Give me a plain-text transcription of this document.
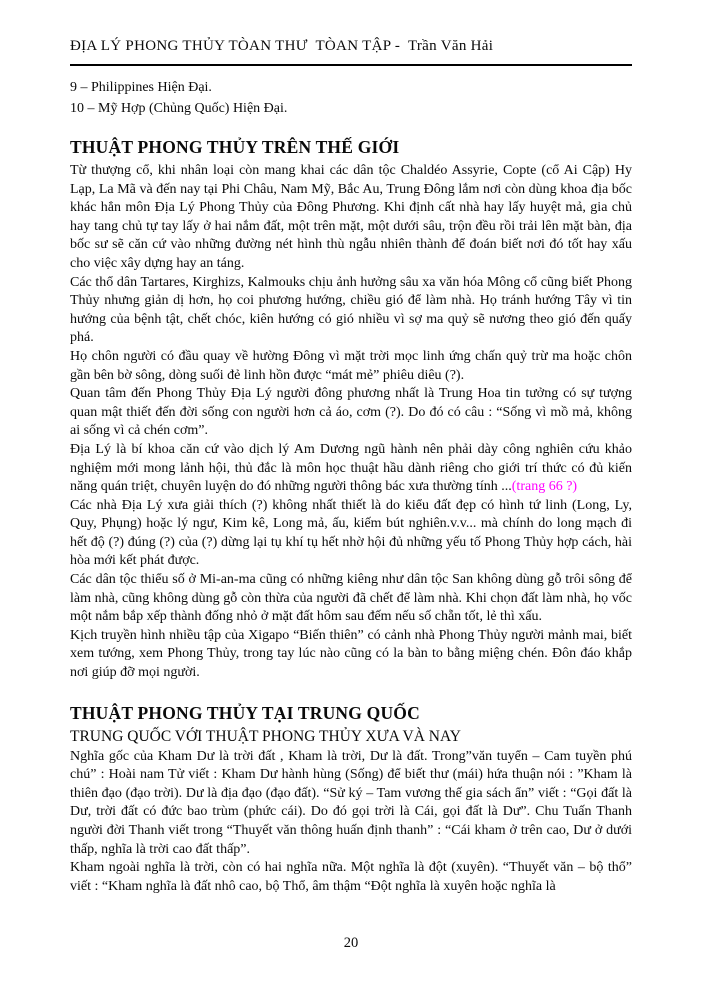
ĐỊA LÝ PHONG THỦY TÒAN THƯ  TÒAN TẬP -  Trần Văn Hải
9 – Philippines Hiện Đại.
10 – Mỹ Hợp (Chủng Quốc) Hiện Đại.
THUẬT PHONG THỦY TRÊN THẾ GIỚI

Từ thượng cổ, khi nhân loại còn mang khai các dân tộc Chaldéo Assyrie, Copte (cổ Ai Cập) Hy Lạp, La Mã và đến nay tại Phi Châu, Nam Mỹ, Bắc Au, Trung Đông lắm nơi còn dùng khoa địa bốc khác hẳn môn Địa Lý Phong Thủy của Đông Phương. Khi định cất nhà hay lấy huyệt mả, gia chủ hay tang chủ tự tay lấy ở hai nắm đất, một trên mặt, một dưới sâu, trộn đều rồi trải lên mặt bàn, địa bốc sư sẽ căn cứ vào những đường nét hình thù ngẫu nhiên thành để đoán biết nơi đó tốt hay xấu cho việc xây dựng hay an táng.

Các thổ dân Tartares, Kirghizs, Kalmouks chịu ảnh hưởng sâu xa văn hóa Mông cổ cũng biết Phong Thủy nhưng giản dị hơn, họ coi phương hướng, chiều gió để làm nhà. Họ tránh hướng Tây vì tin hướng của bệnh tật, chết chóc, kiên hướng có gió nhiều vì sợ ma quỷ sẽ nương theo gió đến quấy phá.

Họ chôn người có đầu quay về hường Đông vì mặt trời mọc linh ứng chấn quỷ trừ ma hoặc chôn gần bên bờ sông, dòng suối đẻ linh hồn được “mát mẻ” phiêu diêu (?).

Quan tâm đến Phong Thủy Địa Lý người đông phương nhất là Trung Hoa tin tưởng có sự tượng quan mật thiết đến đời sống con người hơn cả áo, cơm (?). Do đó có câu : “Sống vì mồ mả, không ai sống vì cả chén cơm”.

Địa Lý là bí khoa căn cứ vào dịch lý Am Dương ngũ hành nên phải dày công nghiên cứu khảo nghiệm mới mong lảnh hội, thủ đắc là môn học thuật hầu dành riêng cho giới trí thức có đủ kiến năng quán triệt, chuyên luyện do đó những người thông bác xưa thường tính ...(trang 66 ?)

Các nhà Địa Lý xưa giải thích (?) không nhất thiết là do kiểu đất đẹp có hình tứ linh (Long, Ly, Quy, Phụng) hoặc lý ngư, Kim kê, Long mả, ấu, kiếm bút nghiên.v.v... mà chính do long mạch đi hết độ (?) đúng (?) của (?) dừng lại tụ khí tụ hết nhờ hội đủ những yếu tố Phong Thủy hợp cách, hài hòa mới kết phát được.

Các dân tộc thiểu số ở Mi-an-ma cũng có những kiêng như dân tộc San không dùng gỗ trôi sông để làm nhà, cũng không dùng gỗ còn thừa của người đã chết để làm nhà. Khi chọn đất làm nhà, họ vốc một nắm bắp xếp thành đống nhỏ ở mặt đất hôm sau đếm nếu số chẵn tốt, lẻ thì xấu.

Kịch truyền hình nhiều tập của Xigapo “Biến thiên” có cảnh nhà Phong Thủy người mảnh mai, biết xem tướng, xem Phong Thủy, trong tay lúc nào cũng có la bàn to bằng miệng chén. Đôn đáo khắp nơi giúp đỡ mọi người.

THUẬT PHONG THỦY TẠI TRUNG QUỐC
TRUNG QUỐC VỚI THUẬT PHONG THỦY XƯA VÀ NAY

Nghĩa gốc của Kham Dư là trời đất , Kham là trời, Dư là đất. Trong”văn tuyển – Cam tuyền phú chú” : Hoài nam Tử viết : Kham Dư hành hùng (Sống) để biết thư (mái) hứa thuận nói : ”Kham là thiên đạo (đạo trời). Dư là địa đạo (đạo đất). “Sử ký – Tam vương thế gia sách ẩn” viết : “Gọi đất là Dư, trời đất có đức bao trùm (phức cái). Do đó gọi trời là Cái, gọi đất là Dư”. Chu Tuấn Thanh người đời Thanh viết trong “Thuyết văn thông huấn định thanh” : “Cái kham ở trên cao, Dư ở dưới thấp, nghĩa là trời cao đất thấp”.

Kham ngoài nghĩa là trời, còn có hai nghĩa nữa. Một nghĩa là đột (xuyên). “Thuyết văn – bộ thổ” viết : “Kham nghĩa là đất nhô cao, bộ Thổ, âm thậm “Đột nghĩa là xuyên hoặc nghĩa là

20
